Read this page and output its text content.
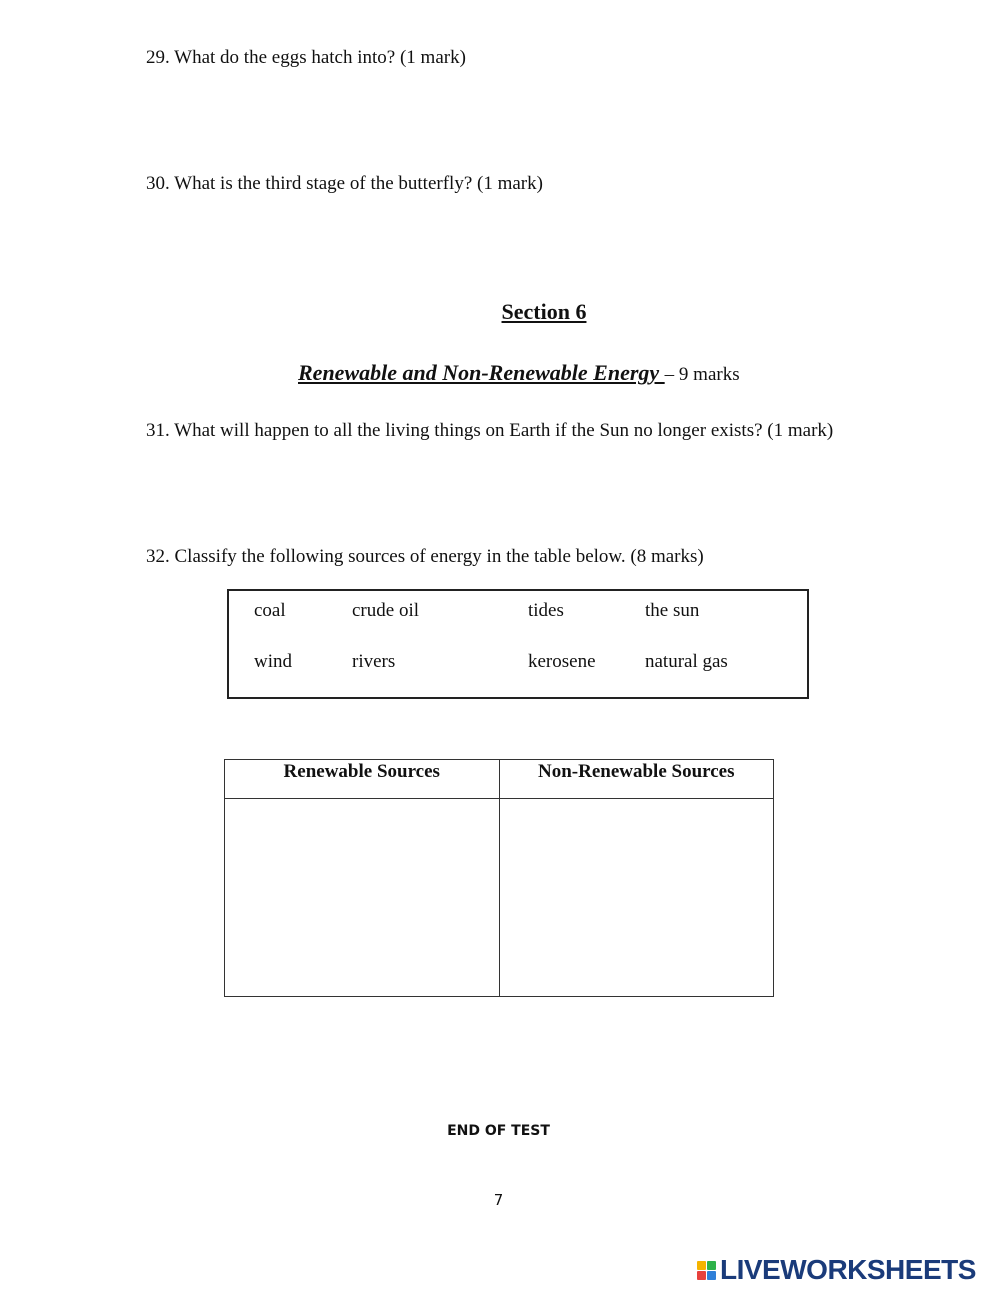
29. What do the eggs hatch into? (1 mark)
30. What is the third stage of the butterfly? (1 mark)
Section 6
Renewable and Non-Renewable Energy – 9 marks
31. What will happen to all the living things on Earth if the Sun no longer exists? (1 mark)
32. Classify the following sources of energy in the table below. (8 marks)
coal	crude oil	tides	the sun
wind	rivers	kerosene	natural gas
Renewable Sources	Non-Renewable Sources

END OF TEST
7
LIVEWORKSHEETS
